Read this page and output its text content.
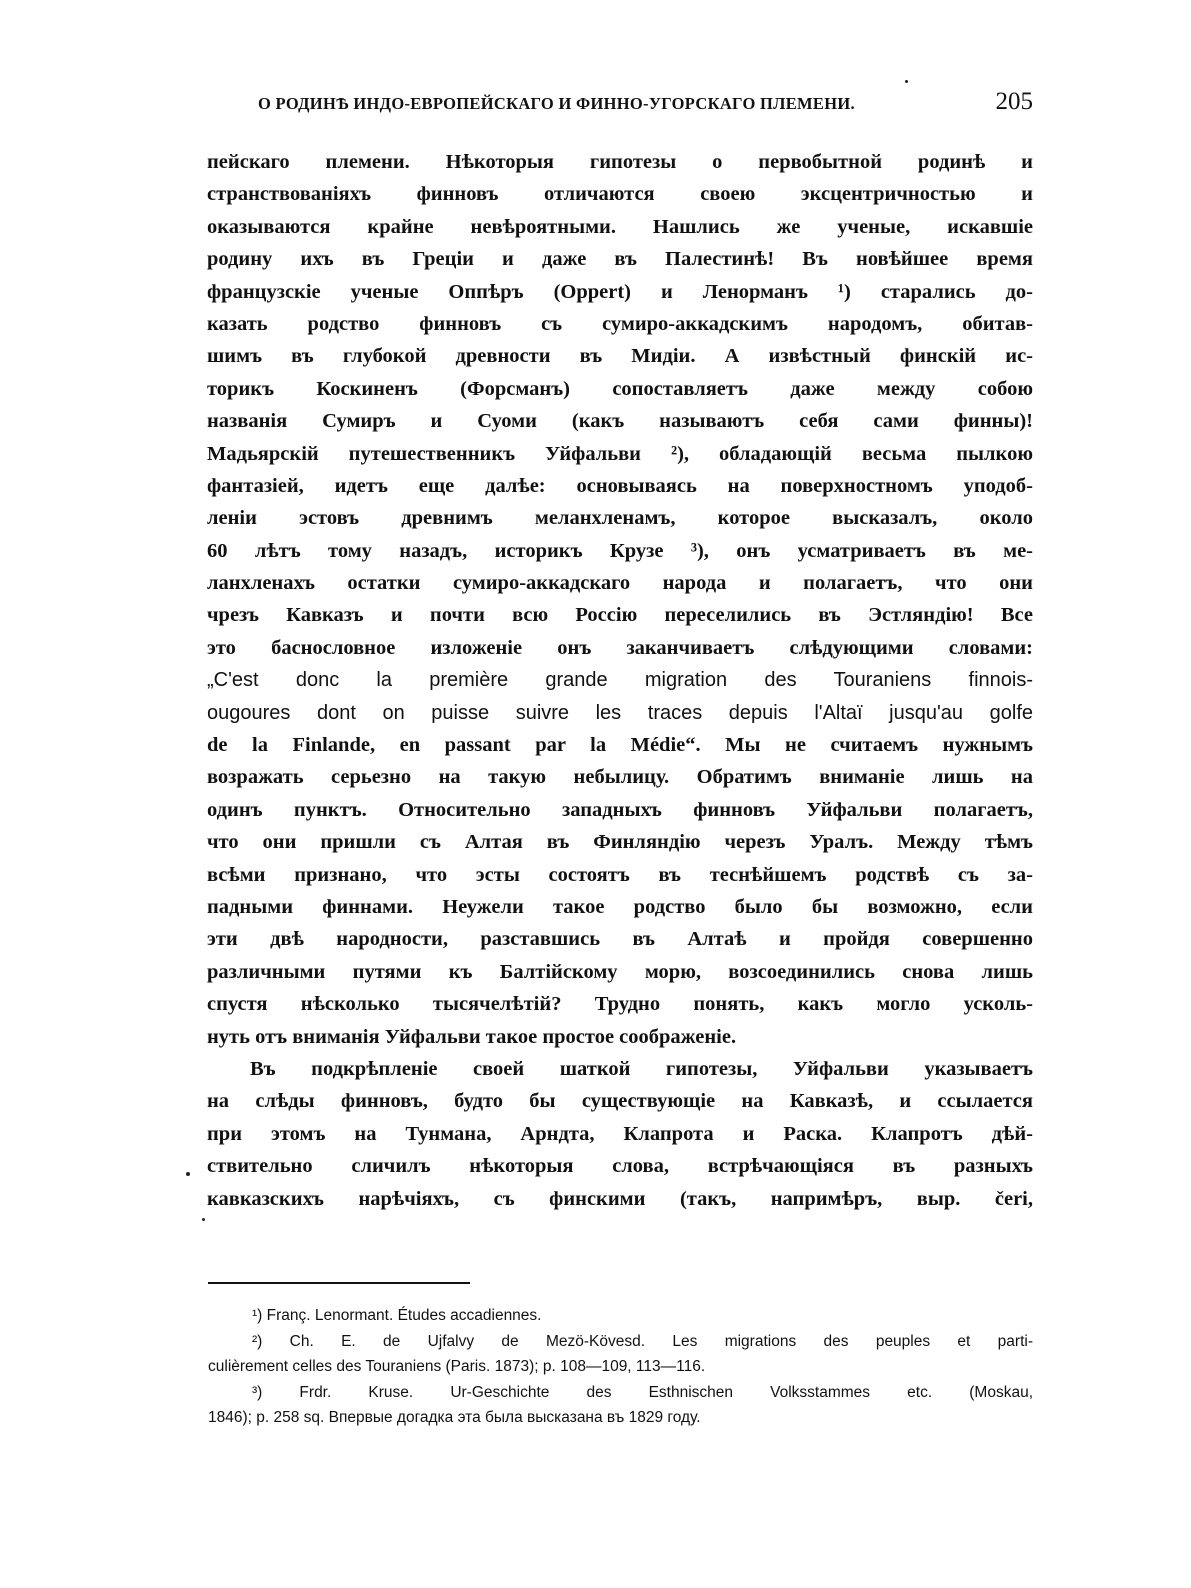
О РОДИНѢ ИНДО-ЕВРОПЕЙСКАГО И ФИННО-УГОРСКАГО ПЛЕМЕНИ.	205
пейскаго племени. Нѣкоторыя гипотезы о первобытной родинѣ и
странствованіяхъ финновъ отличаются своею эксцентричностью и
оказываются крайне невѣроятными. Нашлись же ученые, искавшіе
родину ихъ въ Греціи и даже въ Палестинѣ! Въ новѣйшее время
французскіе ученые Оппѣръ (Oppert) и Ленорманъ ¹) старались до-
казать родство финновъ съ сумиро-аккадскимъ народомъ, обитав-
шимъ въ глубокой древности въ Мидіи. А извѣстный финскій ис-
торикъ Коскиненъ (Форсманъ) сопоставляетъ даже между собою
названія Сумиръ и Суоми (какъ называютъ себя сами финны)!
Мадьярскій путешественникъ Уйфальви ²), обладающій весьма пылкою
фантазіей, идетъ еще далѣе: основываясь на поверхностномъ уподоб-
леніи эстовъ древнимъ меланхленамъ, которое высказалъ, около
60 лѣтъ тому назадъ, историкъ Крузе ³), онъ усматриваетъ въ ме-
ланхленахъ остатки сумиро-аккадскаго народа и полагаетъ, что они
чрезъ Кавказъ и почти всю Россію переселились въ Эстляндію! Все
это баснословное изложеніе онъ заканчиваетъ слѣдующими словами:
„C'est donc la première grande migration des Touraniens finnois-
ougoures dont on puisse suivre les traces depuis l'Altaï jusqu'au golfe
de la Finlande, en passant par la Médie“. Мы не считаемъ нужнымъ
возражать серьезно на такую небылицу. Обратимъ вниманіе лишь на
одинъ пунктъ. Относительно западныхъ финновъ Уйфальви полагаетъ,
что они пришли съ Алтая въ Финляндію черезъ Уралъ. Между тѣмъ
всѣми признано, что эсты состоятъ въ теснѣйшемъ родствѣ съ за-
падными финнами. Неужели такое родство было бы возможно, если
эти двѣ народности, разставшись въ Алтаѣ и пройдя совершенно
различными путями къ Балтійскому морю, возсоединились снова лишь
спустя нѣсколько тысячелѣтій? Трудно понять, какъ могло усколь-
нуть отъ вниманія Уйфальви такое простое соображеніе.
Въ подкрѣпленіе своей шаткой гипотезы, Уйфальви указываетъ
на слѣды финновъ, будто бы существующіе на Кавказѣ, и ссылается
при этомъ на Тунмана, Арндта, Клапрота и Раска. Клапротъ дѣй-
ствительно сличилъ нѣкоторыя слова, встрѣчающіяся въ разныхъ
кавказскихъ нарѣчіяхъ, съ финскими (такъ, напримѣръ, выр. čeri,
¹) Franç. Lenormant. Études accadiennes.
²) Ch. E. de Ujfalvy de Mezö-Kövesd. Les migrations des peuples et parti-
culièrement celles des Touraniens (Paris. 1873); p. 108—109, 113—116.
³) Frdr. Kruse. Ur-Geschichte des Esthnischen Volksstammes etc. (Moskau,
1846); p. 258 sq. Впервые догадка эта была высказана въ 1829 году.
